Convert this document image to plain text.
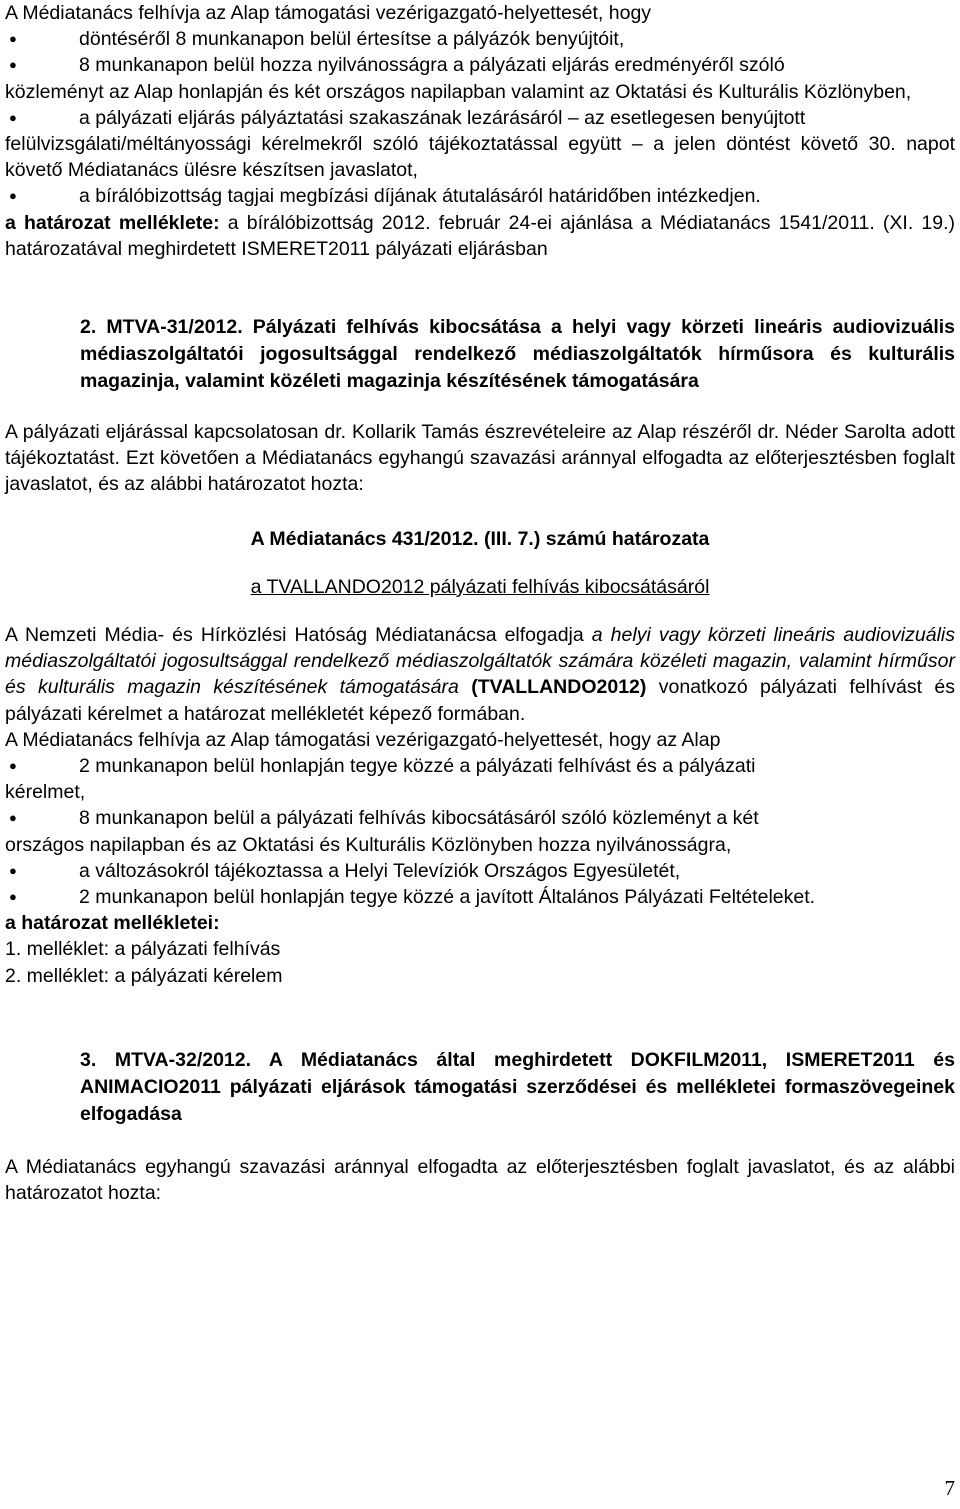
A Médiatanács felhívja az Alap támogatási vezérigazgató-helyettesét, hogy

●	döntéséről 8 munkanapon belül értesítse a pályázók benyújtóit,
●	8 munkanapon belül hozza nyilvánosságra a pályázati eljárás eredményéről szóló
közleményt az Alap honlapján és két országos napilapban valamint az Oktatási és Kulturális Közlönyben,
●	a pályázati eljárás pályáztatási szakaszának lezárásáról – az esetlegesen benyújtott
felülvizsgálati/méltányossági kérelmekről szóló tájékoztatással együtt – a jelen döntést követő 30. napot követő Médiatanács ülésre készítsen javaslatot,
●	a bírálóbizottság tagjai megbízási díjának átutalásáról határidőben intézkedjen.

a határozat melléklete: a bírálóbizottság 2012. február 24-ei ajánlása a Médiatanács 1541/2011. (XI. 19.) határozatával meghirdetett ISMERET2011 pályázati eljárásban

2. MTVA-31/2012. Pályázati felhívás kibocsátása a helyi vagy körzeti lineáris audiovizuális médiaszolgáltatói jogosultsággal rendelkező médiaszolgáltatók hírműsora és kulturális magazinja, valamint közéleti magazinja készítésének támogatására

A pályázati eljárással kapcsolatosan dr. Kollarik Tamás észrevételeire az Alap részéről dr. Néder Sarolta adott tájékoztatást. Ezt követően a Médiatanács egyhangú szavazási aránnyal elfogadta az előterjesztésben foglalt javaslatot, és az alábbi határozatot hozta:

A Médiatanács 431/2012. (III. 7.) számú határozata

a TVALLANDO2012 pályázati felhívás kibocsátásáról

A Nemzeti Média- és Hírközlési Hatóság Médiatanácsa elfogadja a helyi vagy körzeti lineáris audiovizuális médiaszolgáltatói jogosultsággal rendelkező médiaszolgáltatók számára közéleti magazin, valamint hírműsor és kulturális magazin készítésének támogatására (TVALLANDO2012) vonatkozó pályázati felhívást és pályázati kérelmet a határozat mellékletét képező formában.

A Médiatanács felhívja az Alap támogatási vezérigazgató-helyettesét, hogy az Alap

●	2 munkanapon belül honlapján tegye közzé a pályázati felhívást és a pályázati
kérelmet,
●	8 munkanapon belül a pályázati felhívás kibocsátásáról szóló közleményt a két
országos napilapban és az Oktatási és Kulturális Közlönyben hozza nyilvánosságra,
●	a változásokról tájékoztassa a Helyi Televíziók Országos Egyesületét,
●	2 munkanapon belül honlapján tegye közzé a javított Általános Pályázati Feltételeket.

a határozat mellékletei:

1. melléklet: a pályázati felhívás

2. melléklet: a pályázati kérelem

3. MTVA-32/2012. A Médiatanács által meghirdetett DOKFILM2011, ISMERET2011 és ANIMACIO2011 pályázati eljárások támogatási szerződései és mellékletei formaszövegeinek elfogadása

A Médiatanács egyhangú szavazási aránnyal elfogadta az előterjesztésben foglalt javaslatot, és az alábbi határozatot hozta:

7
